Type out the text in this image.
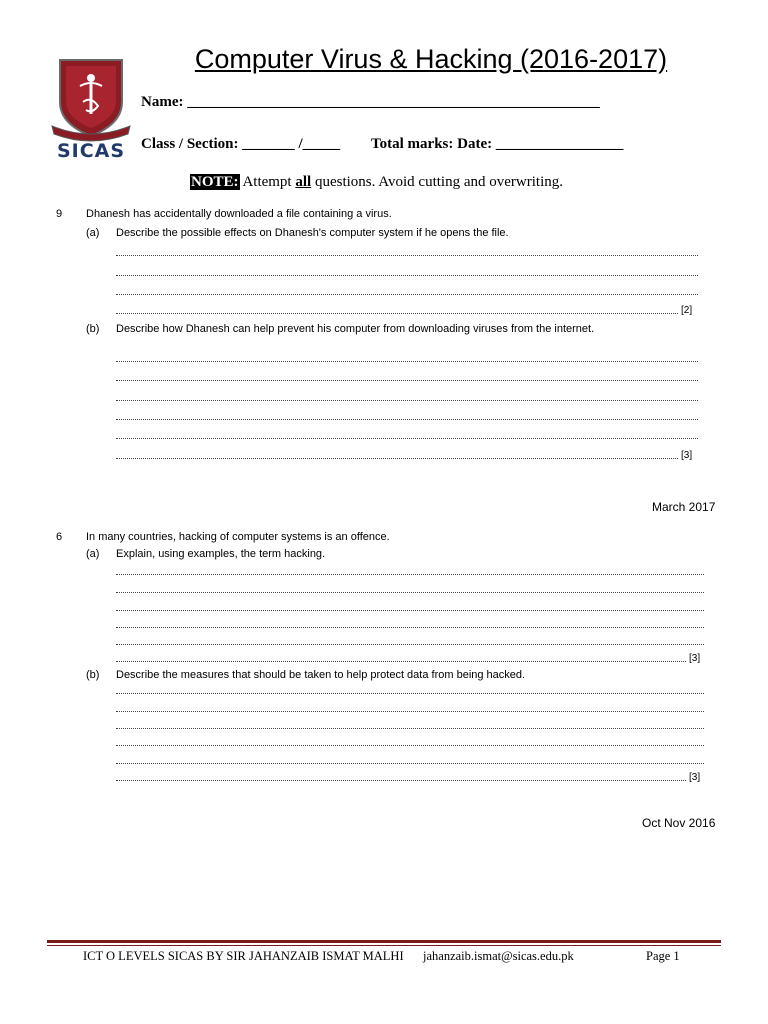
SICAS
Computer Virus & Hacking (2016-2017)
Name: _______________________________________________________
Class / Section: _______ /_____ Total marks: Date: _________________
NOTE: Attempt all questions. Avoid cutting and overwriting.
9 Dhanesh has accidentally downloaded a file containing a virus.
(a) Describe the possible effects on Dhanesh's computer system if he opens the file.
[2]
(b) Describe how Dhanesh can help prevent his computer from downloading viruses from the internet.
[3]
March 2017
6 In many countries, hacking of computer systems is an offence.
(a) Explain, using examples, the term hacking.
[3]
(b) Describe the measures that should be taken to help protect data from being hacked.
[3]
Oct Nov 2016
ICT O LEVELS SICAS BY SIR JAHANZAIB ISMAT MALHI jahanzaib.ismat@sicas.edu.pk	Page 1
